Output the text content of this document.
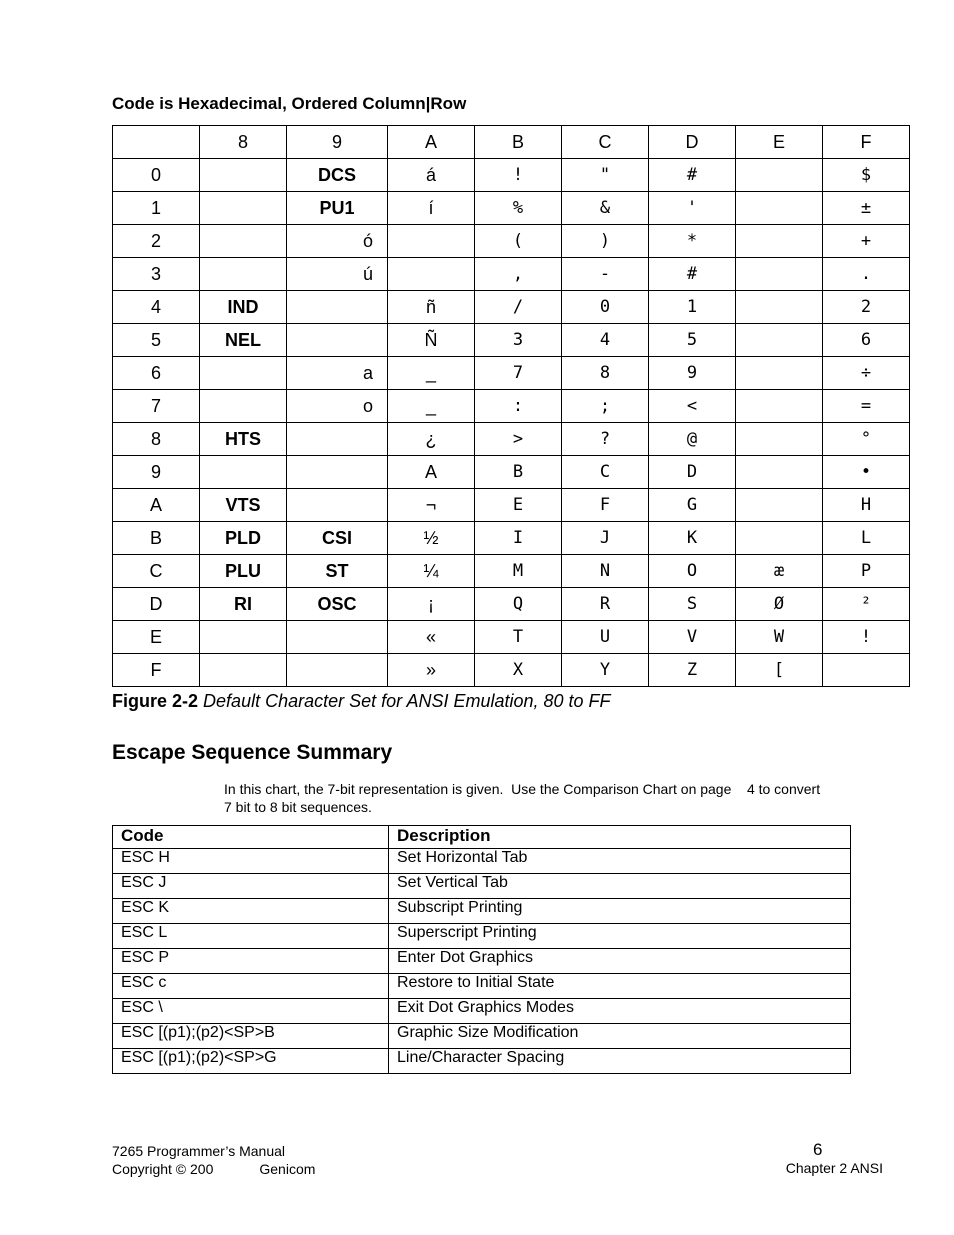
Code is Hexadecimal, Ordered Column|Row
	8	9	A	B	C	D	E	F
0		DCS	á	!	"	#		$
1		PU1	í	%	&	'		±
2		ó		(	)	*		+
3		ú		,	-	#		.
4	IND		ñ	/	0	1		2
5	NEL		Ñ	3	4	5		6
6		a	_	7	8	9		÷
7		o	_	:	;	<		=
8	HTS		¿	>	?	@		°
9			A	B	C	D		•
A	VTS		¬	E	F	G		H
B	PLD	CSI	½	I	J	K		L
C	PLU	ST	¼	M	N	O	æ	P
D	RI	OSC	¡	Q	R	S	Ø	²
E			«	T	U	V	W	!
F			»	X	Y	Z	[	
Figure 2-2 Default Character Set for ANSI Emulation, 80 to FF
Escape Sequence Summary
In this chart, the 7-bit representation is given.  Use the Comparison Chart on page    4 to convert
7 bit to 8 bit sequences.
Code	Description
ESC H	Set Horizontal Tab
ESC J	Set Vertical Tab
ESC K	Subscript Printing
ESC L	Superscript Printing
ESC P	Enter Dot Graphics
ESC c	Restore to Initial State
ESC \	Exit Dot Graphics Modes
ESC [(p1);(p2)<SP>B	Graphic Size Modification
ESC [(p1);(p2)<SP>G	Line/Character Spacing
7265 Programmer’s Manual
Copyright © 200	Genicom
6
Chapter 2 ANSI
